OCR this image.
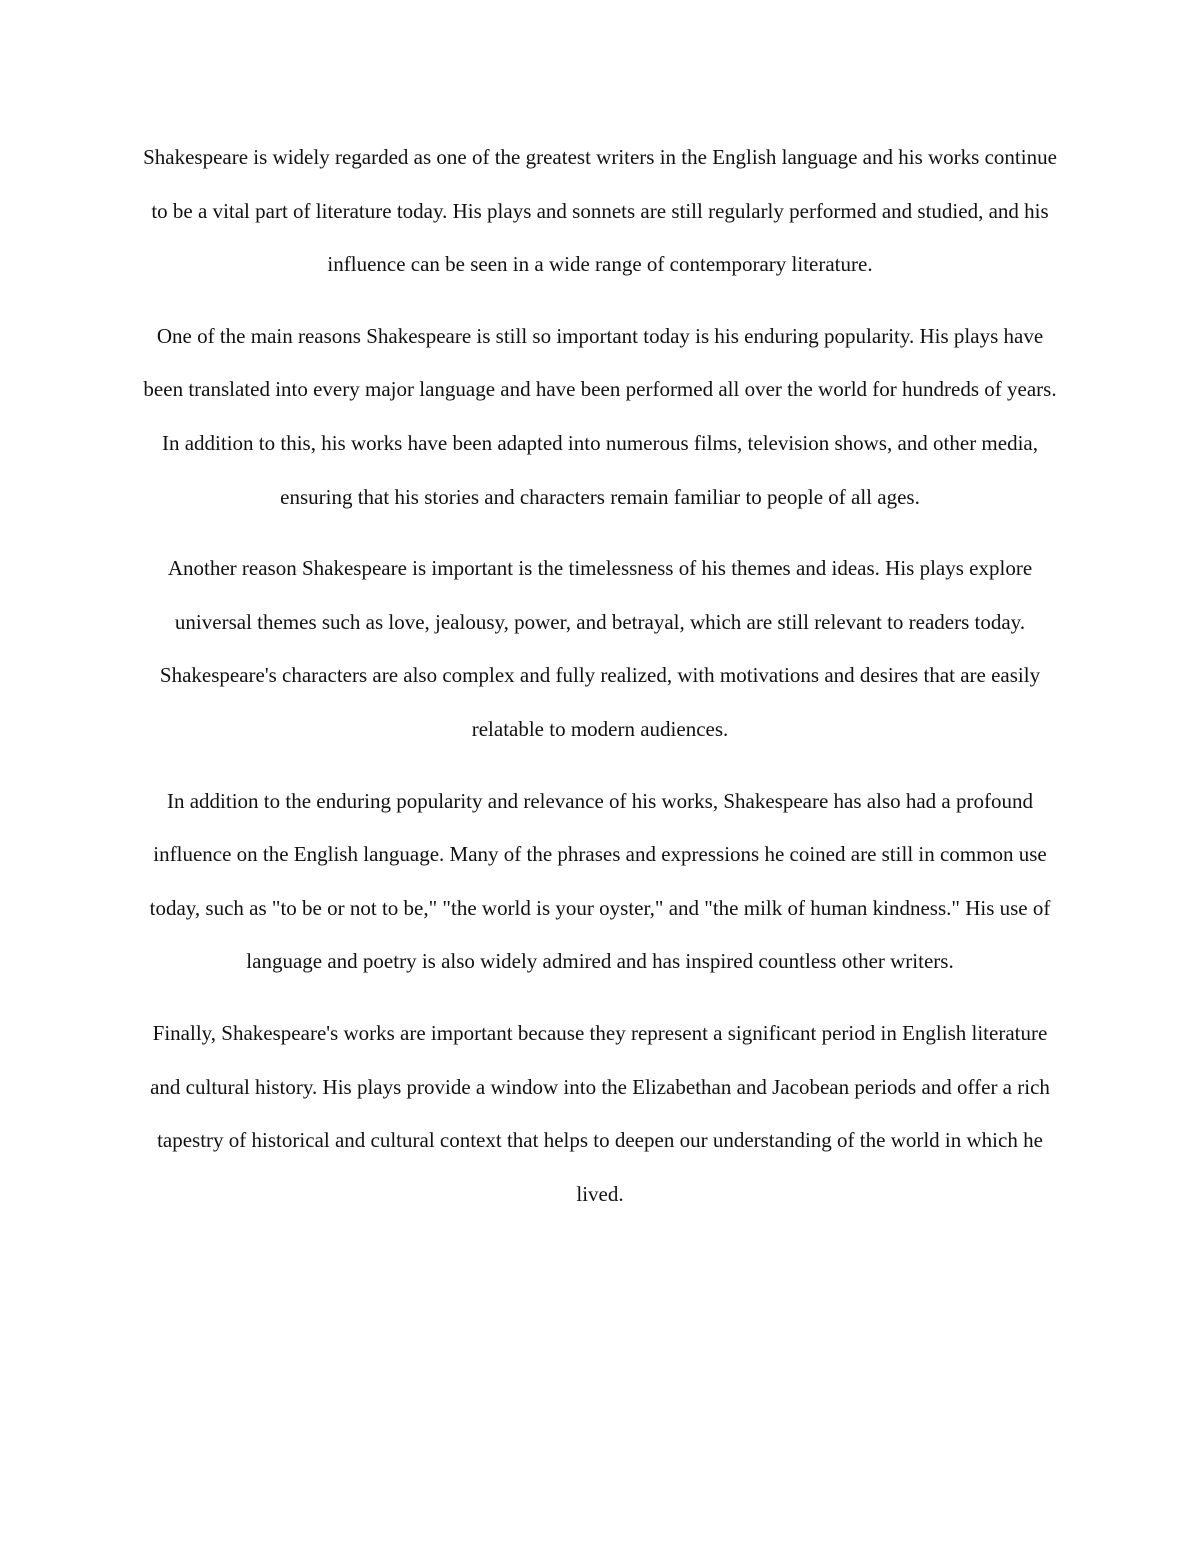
Shakespeare is widely regarded as one of the greatest writers in the English language and his works continue to be a vital part of literature today. His plays and sonnets are still regularly performed and studied, and his influence can be seen in a wide range of contemporary literature.

One of the main reasons Shakespeare is still so important today is his enduring popularity. His plays have been translated into every major language and have been performed all over the world for hundreds of years. In addition to this, his works have been adapted into numerous films, television shows, and other media, ensuring that his stories and characters remain familiar to people of all ages.

Another reason Shakespeare is important is the timelessness of his themes and ideas. His plays explore universal themes such as love, jealousy, power, and betrayal, which are still relevant to readers today. Shakespeare's characters are also complex and fully realized, with motivations and desires that are easily relatable to modern audiences.

In addition to the enduring popularity and relevance of his works, Shakespeare has also had a profound influence on the English language. Many of the phrases and expressions he coined are still in common use today, such as "to be or not to be," "the world is your oyster," and "the milk of human kindness." His use of language and poetry is also widely admired and has inspired countless other writers.

Finally, Shakespeare's works are important because they represent a significant period in English literature and cultural history. His plays provide a window into the Elizabethan and Jacobean periods and offer a rich tapestry of historical and cultural context that helps to deepen our understanding of the world in which he lived.
